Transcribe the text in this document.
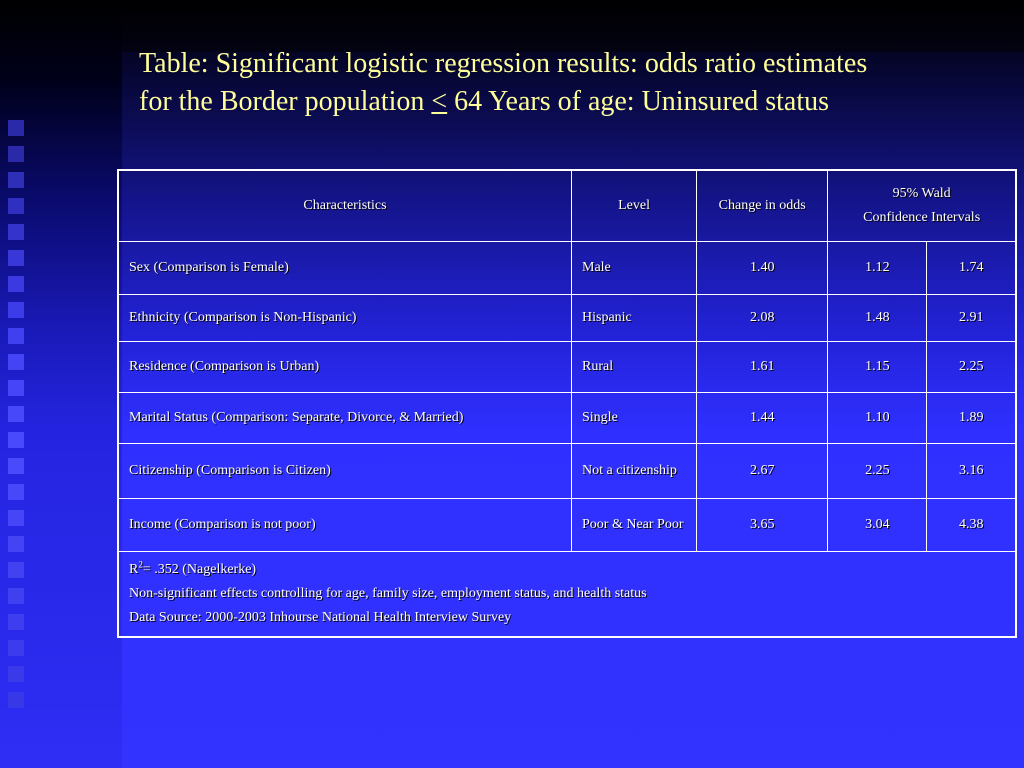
Table: Significant logistic regression results: odds ratio estimates
for the Border population < 64 Years of age: Uninsured status
Characteristics	Level	Change in odds	95% Wald
Confidence Intervals	
Sex (Comparison is Female)	Male	1.40	1.12	1.74
Ethnicity (Comparison is Non-Hispanic)	Hispanic	2.08	1.48	2.91
Residence (Comparison is Urban)	Rural	1.61	1.15	2.25
Marital Status (Comparison: Separate, Divorce, & Married)	Single	1.44	1.10	1.89
Citizenship (Comparison is Citizen)	Not a citizenship	2.67	2.25	3.16
Income (Comparison is not poor)	Poor & Near Poor	3.65	3.04	4.38

$R^2= .352$ (Nagelkerke)
Non-significant effects controlling for age, family size, employment status, and health status
Data Source: 2000-2003 Inhourse National Health Interview Survey				
